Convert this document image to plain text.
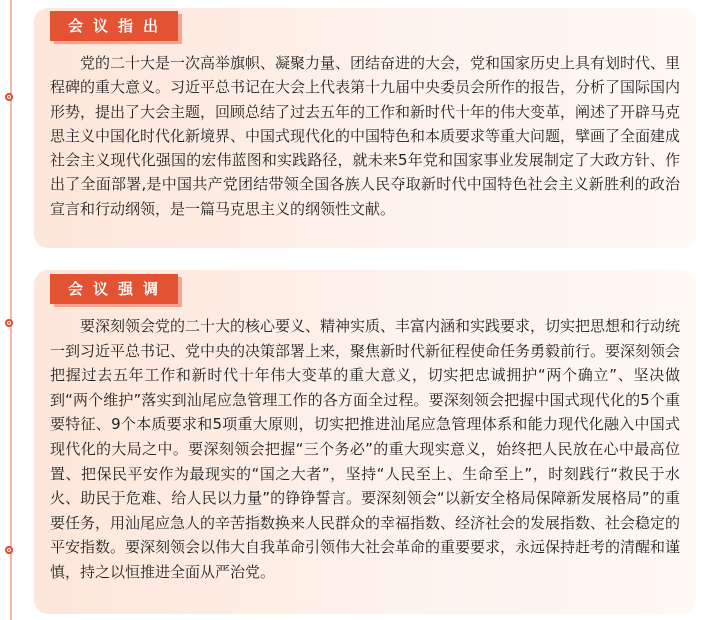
会议指出

党的二十大是一次高举旗帜、凝聚力量、团结奋进的大会，党和国家历史上具有划时代、里程碑的重大意义。习近平总书记在大会上代表第十九届中央委员会所作的报告，分析了国际国内形势，提出了大会主题，回顾总结了过去五年的工作和新时代十年的伟大变革，阐述了开辟马克思主义中国化时代化新境界、中国式现代化的中国特色和本质要求等重大问题，擘画了全面建成社会主义现代化强国的宏伟蓝图和实践路径，就未来5年党和国家事业发展制定了大政方针、作出了全面部署,是中国共产党团结带领全国各族人民夺取新时代中国特色社会主义新胜利的政治宣言和行动纲领，是一篇马克思主义的纲领性文献。

会议强调

要深刻领会党的二十大的核心要义、精神实质、丰富内涵和实践要求，切实把思想和行动统一到习近平总书记、党中央的决策部署上来，聚焦新时代新征程使命任务勇毅前行。要深刻领会把握过去五年工作和新时代十年伟大变革的重大意义，切实把忠诚拥护“两个确立”、坚决做到“两个维护”落实到汕尾应急管理工作的各方面全过程。要深刻领会把握中国式现代化的5个重要特征、9个本质要求和5项重大原则，切实把推进汕尾应急管理体系和能力现代化融入中国式现代化的大局之中。要深刻领会把握“三个务必”的重大现实意义，始终把人民放在心中最高位置、把保民平安作为最现实的“国之大者”，坚持“人民至上、生命至上”，时刻践行“救民于水火、助民于危难、给人民以力量”的铮铮誓言。要深刻领会“以新安全格局保障新发展格局”的重要任务，用汕尾应急人的辛苦指数换来人民群众的幸福指数、经济社会的发展指数、社会稳定的平安指数。要深刻领会以伟大自我革命引领伟大社会革命的重要要求，永远保持赶考的清醒和谨慎，持之以恒推进全面从严治党。
